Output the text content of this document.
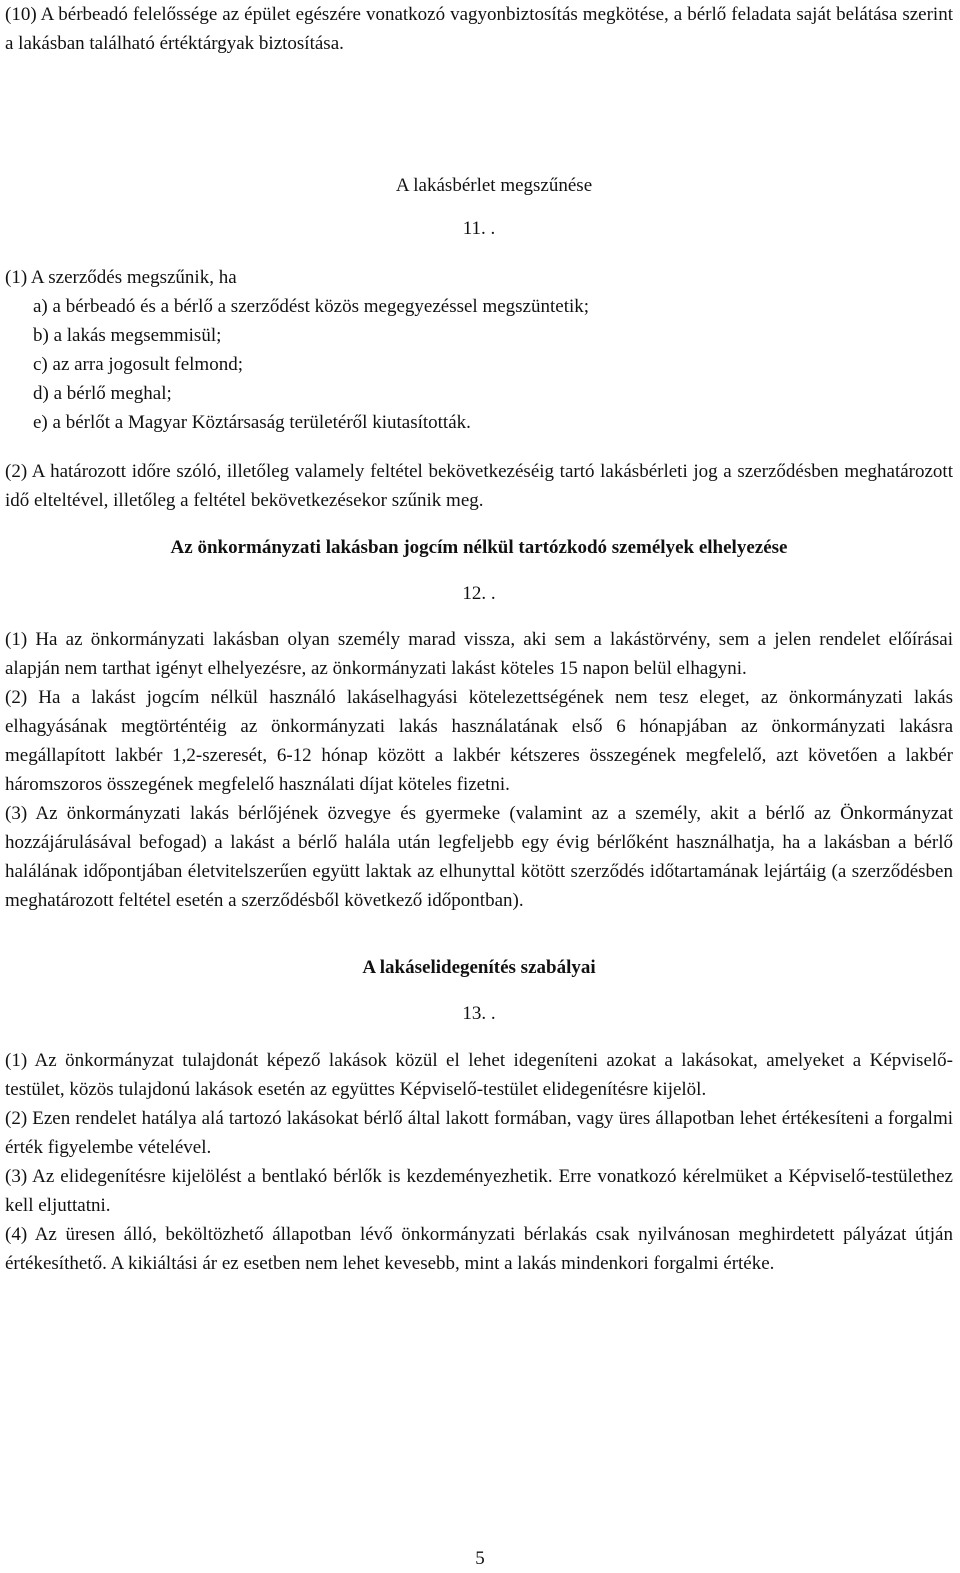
(10) A bérbeadó felelőssége az épület egészére vonatkozó vagyonbiztosítás megkötése, a bérlő feladata saját belátása szerint a lakásban található értéktárgyak biztosítása.

A lakásbérlet megszűnése

11. .

(1) A szerződés megszűnik, ha

a) a bérbeadó és a bérlő a szerződést közös megegyezéssel megszüntetik;
b) a lakás megsemmisül;
c) az arra jogosult felmond;
d) a bérlő meghal;
e) a bérlőt a Magyar Köztársaság területéről kiutasították.

(2) A határozott időre szóló, illetőleg valamely feltétel bekövetkezéséig tartó lakásbérleti jog a szerződésben meghatározott idő elteltével, illetőleg a feltétel bekövetkezésekor szűnik meg.

Az önkormányzati lakásban jogcím nélkül tartózkodó személyek elhelyezése

12. .

(1) Ha az önkormányzati lakásban olyan személy marad vissza, aki sem a lakástörvény, sem a jelen rendelet előírásai alapján nem tarthat igényt elhelyezésre, az önkormányzati lakást köteles 15 napon belül elhagyni.

(2) Ha a lakást jogcím nélkül használó lakáselhagyási kötelezettségének nem tesz eleget, az önkormányzati lakás elhagyásának megtörténtéig az önkormányzati lakás használatának első 6 hónapjában az önkormányzati lakásra megállapított lakbér 1,2-szeresét, 6-12 hónap között a lakbér kétszeres összegének megfelelő, azt követően a lakbér háromszoros összegének megfelelő használati díjat köteles fizetni.

(3) Az önkormányzati lakás bérlőjének özvegye és gyermeke (valamint az a személy, akit a bérlő az Önkormányzat hozzájárulásával befogad) a lakást a bérlő halála után legfeljebb egy évig bérlőként használhatja, ha a lakásban a bérlő halálának időpontjában életvitelszerűen együtt laktak az elhunyttal kötött szerződés időtartamának lejártáig (a szerződésben meghatározott feltétel esetén a szerződésből következő időpontban).

A lakáselidegenítés szabályai

13. .

(1) Az önkormányzat tulajdonát képező lakások közül el lehet idegeníteni azokat a lakásokat, amelyeket a Képviselő-testület, közös tulajdonú lakások esetén az együttes Képviselő-testület elidegenítésre kijelöl.

(2) Ezen rendelet hatálya alá tartozó lakásokat bérlő által lakott formában, vagy üres állapotban lehet értékesíteni a forgalmi érték figyelembe vételével.

(3) Az elidegenítésre kijelölést a bentlakó bérlők is kezdeményezhetik. Erre vonatkozó kérelmüket a Képviselő-testülethez kell eljuttatni.

(4) Az üresen álló, beköltözhető állapotban lévő önkormányzati bérlakás csak nyilvánosan meghirdetett pályázat útján értékesíthető. A kikiáltási ár ez esetben nem lehet kevesebb, mint a lakás mindenkori forgalmi értéke.

5
